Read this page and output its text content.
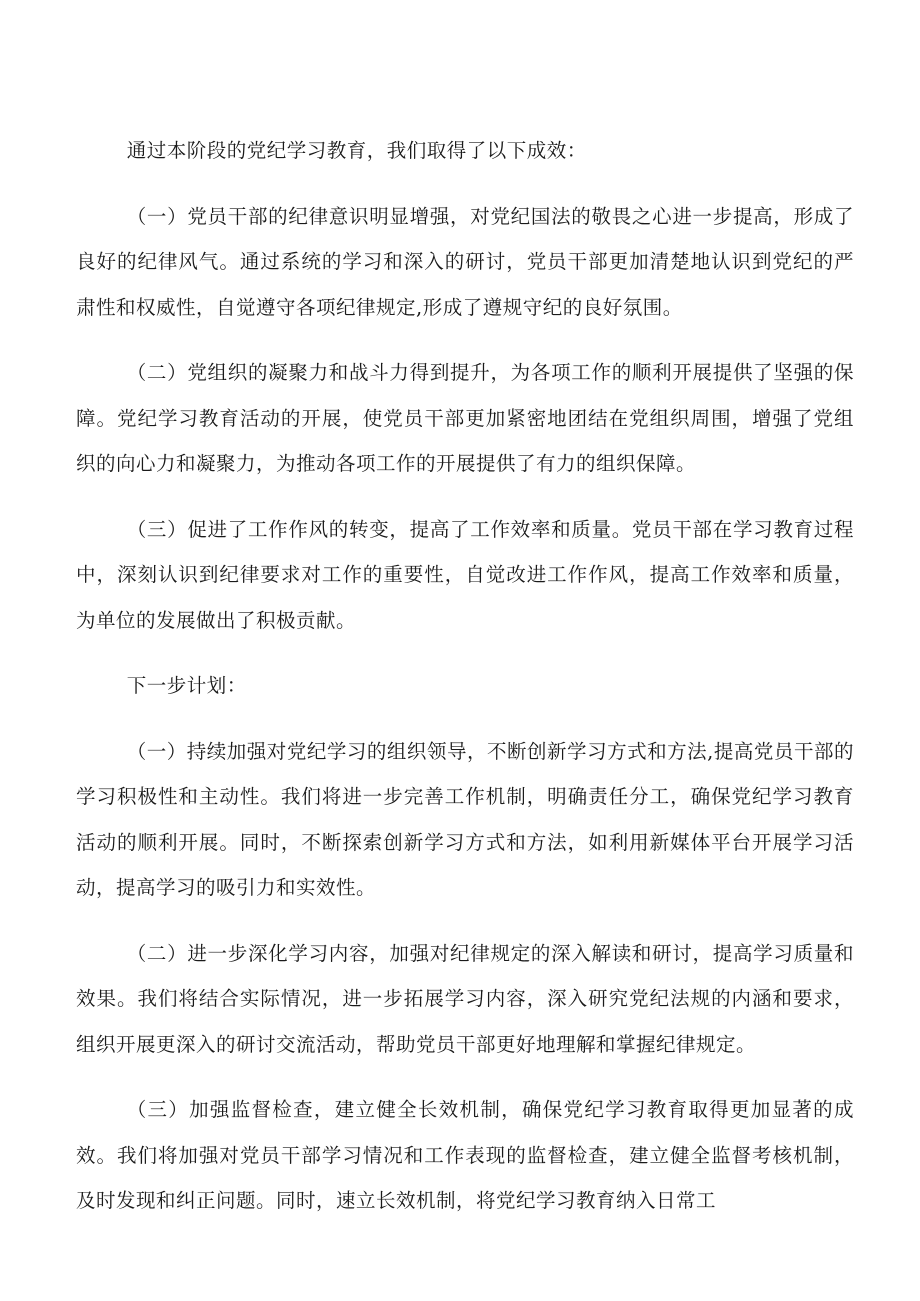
通过本阶段的党纪学习教育，我们取得了以下成效：

（一）党员干部的纪律意识明显增强，对党纪国法的敬畏之心进一步提高，形成了良好的纪律风气。通过系统的学习和深入的研讨，党员干部更加清楚地认识到党纪的严肃性和权威性，自觉遵守各项纪律规定,形成了遵规守纪的良好氛围。

（二）党组织的凝聚力和战斗力得到提升，为各项工作的顺利开展提供了坚强的保障。党纪学习教育活动的开展，使党员干部更加紧密地团结在党组织周围，增强了党组织的向心力和凝聚力，为推动各项工作的开展提供了有力的组织保障。

（三）促进了工作作风的转变，提高了工作效率和质量。党员干部在学习教育过程中，深刻认识到纪律要求对工作的重要性，自觉改进工作作风，提高工作效率和质量，为单位的发展做出了积极贡献。

下一步计划：

（一）持续加强对党纪学习的组织领导，不断创新学习方式和方法,提高党员干部的学习积极性和主动性。我们将进一步完善工作机制，明确责任分工，确保党纪学习教育活动的顺利开展。同时，不断探索创新学习方式和方法，如利用新媒体平台开展学习活动，提高学习的吸引力和实效性。

（二）进一步深化学习内容，加强对纪律规定的深入解读和研讨，提高学习质量和效果。我们将结合实际情况，进一步拓展学习内容，深入研究党纪法规的内涵和要求，组织开展更深入的研讨交流活动，帮助党员干部更好地理解和掌握纪律规定。

（三）加强监督检查，建立健全长效机制，确保党纪学习教育取得更加显著的成效。我们将加强对党员干部学习情况和工作表现的监督检查，建立健全监督考核机制，及时发现和纠正问题。同时，速立长效机制，将党纪学习教育纳入日常工
